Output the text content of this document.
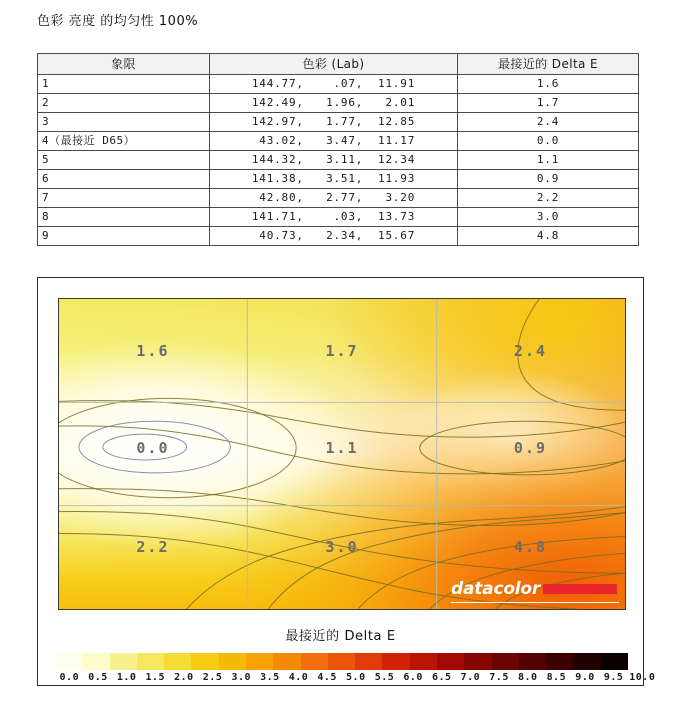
色彩 亮度 的均匀性 100%
象限	色彩 (Lab)	最接近的 Delta E
1	144.77,    .07,  11.91	1.6
2	142.49,   1.96,   2.01	1.7
3	142.97,   1.77,  12.85	2.4
4（最接近 D65）	43.02,   3.47,  11.17	0.0
5	144.32,   3.11,  12.34	1.1
6	141.38,   3.51,  11.93	0.9
7	42.80,   2.77,   3.20	2.2
8	141.71,    .03,  13.73	3.0
9	40.73,   2.34,  15.67	4.8
1.6	1.7	2.4
0.0	1.1	0.9
2.2	3.0	4.8
datacolor
最接近的 Delta E
0.0 0.5 1.0 1.5 2.0 2.5 3.0 3.5 4.0 4.5 5.0 5.5 6.0 6.5 7.0 7.5 8.0 8.5 9.0 9.5 10.0
